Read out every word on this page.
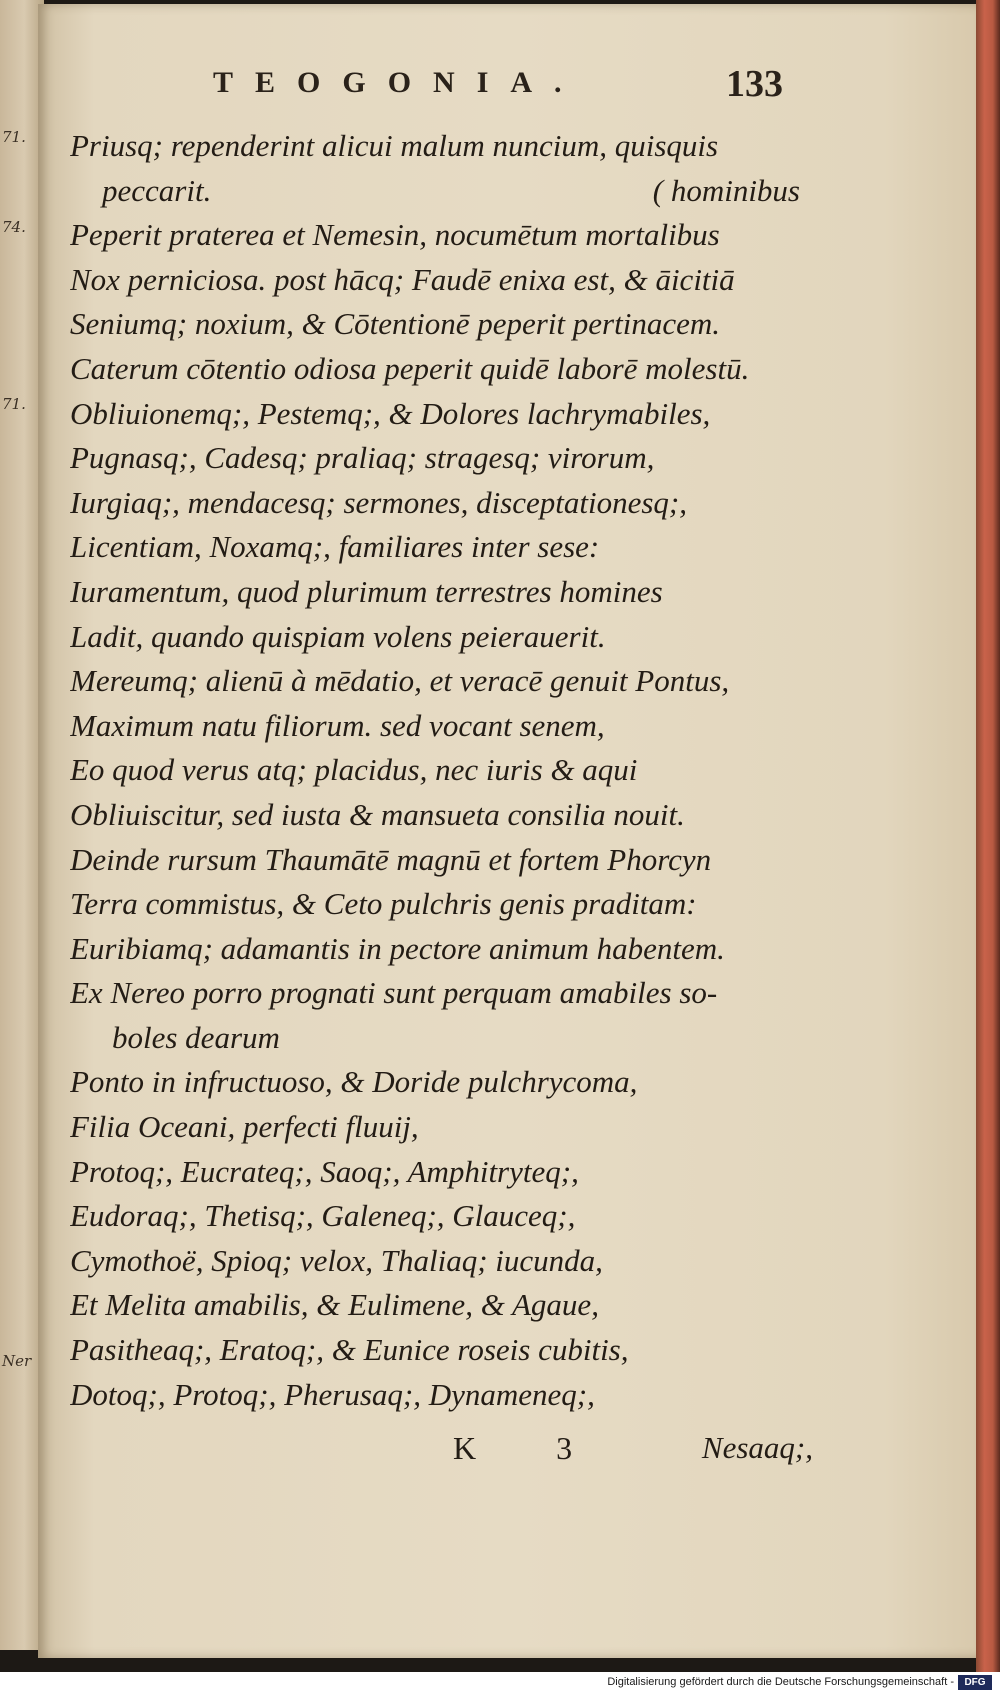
TEOGONIA.	133
Priusq; rependerint alicui malum nuncium, quisquis
peccarit.	( hominibus
Peperit praterea et Nemesin, nocumētum mortalibus
Nox perniciosa. post hācq; Faudē enixa est, & āicitiā
Seniumq; noxium, & Cōtentionē peperit pertinacem.
Caterum cōtentio odiosa peperit quidē laborē molestū.
Obliuionemq;, Pestemq;, & Dolores lachrymabiles,
Pugnasq;, Cadesq; praliaq; stragesq; virorum,
Iurgiaq;, mendacesq; sermones, disceptationesq;,
Licentiam, Noxamq;, familiares inter sese:
Iuramentum, quod plurimum terrestres homines
Ladit, quando quispiam volens peierauerit.
Mereumq; alienū à mēdatio, et veracē genuit Pontus,
Maximum natu filiorum. sed vocant senem,
Eo quod verus atq; placidus, nec iuris & aqui
Obliuiscitur, sed iusta & mansueta consilia nouit.
Deinde rursum Thaumātē magnū et fortem Phorcyn
Terra commistus, & Ceto pulchris genis praditam:
Euribiamq; adamantis in pectore animum habentem.
Ex Nereo porro prognati sunt perquam amabiles so-
boles dearum
Ponto in infructuoso, & Doride pulchrycoma,
Filia Oceani, perfecti fluuij,
Protoq;, Eucrateq;, Saoq;, Amphitryteq;,
Eudoraq;, Thetisq;, Galeneq;, Glauceq;,
Cymothoë, Spioq; velox, Thaliaq; iucunda,
Et Melita amabilis, & Eulimene, & Agaue,
Pasitheaq;, Eratoq;, & Eunice roseis cubitis,
Dotoq;, Protoq;, Pherusaq;, Dynameneq;,
K 3	Nesaaq;,
71.
74.
71.
Ner
Digitalisierung gefördert durch die Deutsche Forschungsgemeinschaft -	DFG
